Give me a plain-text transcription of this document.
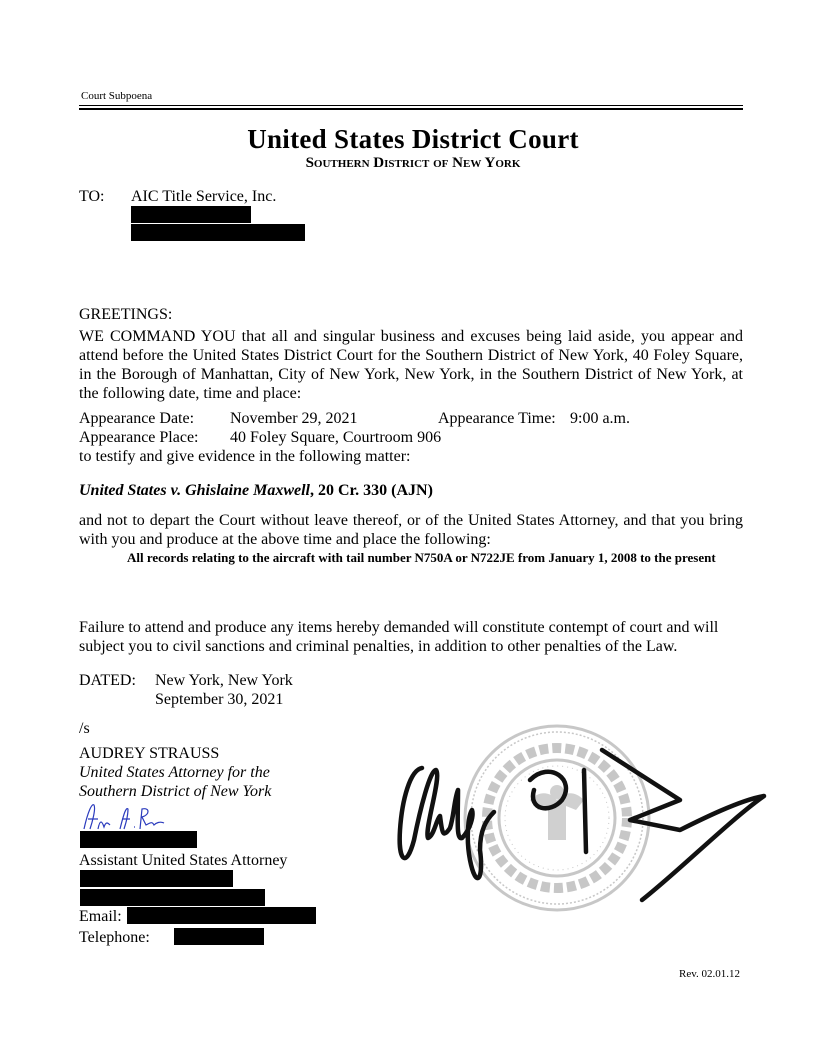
Court Subpoena
United States District Court
Southern District of New York
TO:	AIC Title Service, Inc.
GREETINGS:
WE COMMAND YOU that all and singular business and excuses being laid aside, you appear and attend before the United States District Court for the Southern District of New York, 40 Foley Square, in the Borough of Manhattan, City of New York, New York, in the Southern District of New York, at the following date, time and place:
Appearance Date:	November 29, 2021	Appearance Time: 9:00 a.m.
Appearance Place:	40 Foley Square, Courtroom 906
to testify and give evidence in the following matter:
United States v. Ghislaine Maxwell, 20 Cr. 330 (AJN)
and not to depart the Court without leave thereof, or of the United States Attorney, and that you bring with you and produce at the above time and place the following:
All records relating to the aircraft with tail number N750A or N722JE from January 1, 2008 to the present
Failure to attend and produce any items hereby demanded will constitute contempt of court and will subject you to civil sanctions and criminal penalties, in addition to other penalties of the Law.
DATED:	New York, New York
September 30, 2021
/s
AUDREY STRAUSS
United States Attorney for the
Southern District of New York
Assistant United States Attorney
Email:
Telephone:
Rev. 02.01.12
